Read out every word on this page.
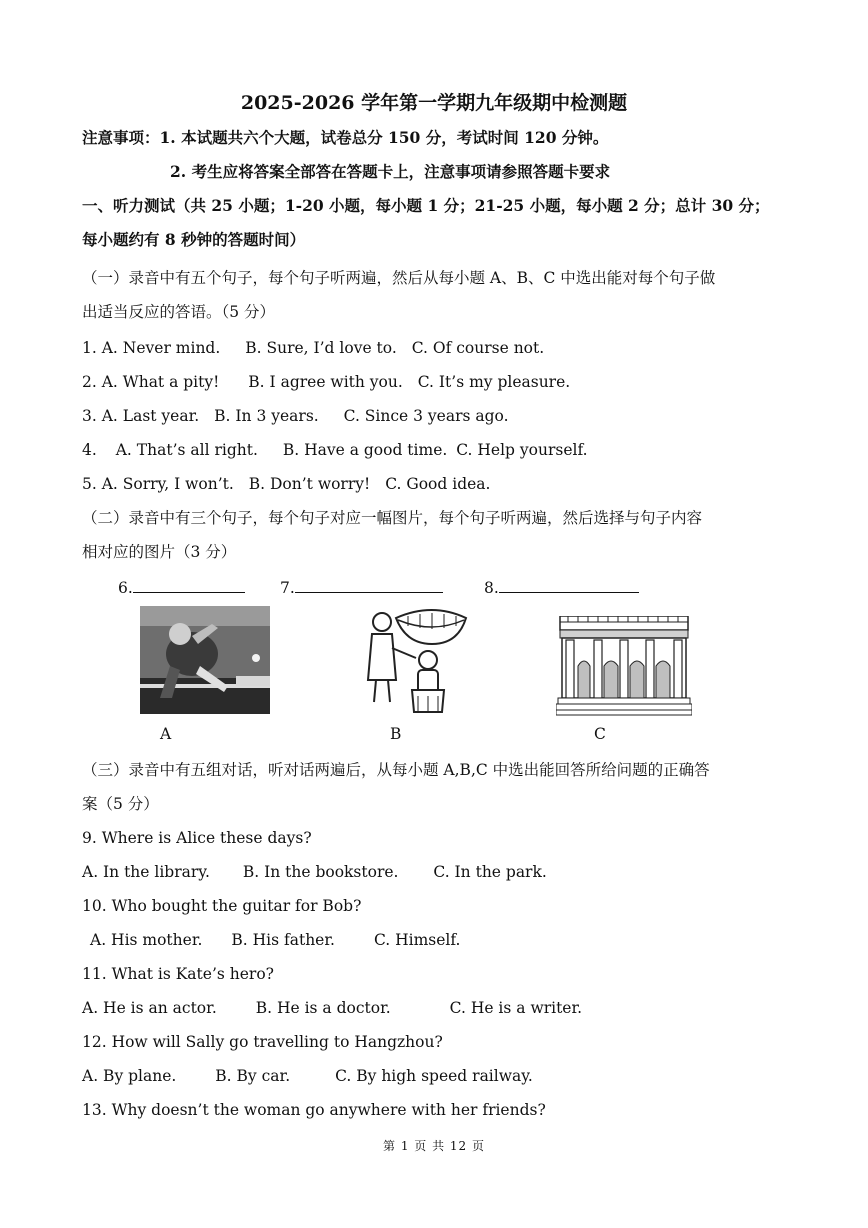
2025-2026 学年第一学期九年级期中检测题
注意事项：1. 本试题共六个大题，试卷总分 150 分，考试时间 120 分钟。
2. 考生应将答案全部答在答题卡上，注意事项请参照答题卡要求
一、听力测试（共 25 小题；1-20 小题，每小题 1 分；21-25 小题，每小题 2 分；总计 30 分；
每小题约有 8 秒钟的答题时间）
（一）录音中有五个句子，每个句子听两遍，然后从每小题 A、B、C 中选出能对每个句子做
出适当反应的答语。（5 分）
1. A. Never mind. B. Sure, I’d love to. C. Of course not.
2. A. What a pity! B. I agree with you. C. It’s my pleasure.
3. A. Last year. B. In 3 years. C. Since 3 years ago.
4. A. That’s all right. B. Have a good time. C. Help yourself.
5. A. Sorry, I won’t. B. Don’t worry! C. Good idea.
（二）录音中有三个句子，每个句子对应一幅图片，每个句子听两遍，然后选择与句子内容
相对应的图片（3 分）
6.	7.	8.
A	B	C
（三）录音中有五组对话，听对话两遍后，从每小题 A,B,C 中选出能回答所给问题的正确答
案（5 分）
9. Where is Alice these days?
A. In the library. B. In the bookstore. C. In the park.
10. Who bought the guitar for Bob?
A. His mother. B. His father.	C. Himself.
11. What is Kate’s hero?
A. He is an actor.	B. He is a doctor.	C. He is a writer.
12. How will Sally go travelling to Hangzhou?
A. By plane.	B. By car.	C. By high speed railway.
13. Why doesn’t the woman go anywhere with her friends?
第 1 页 共 12 页
